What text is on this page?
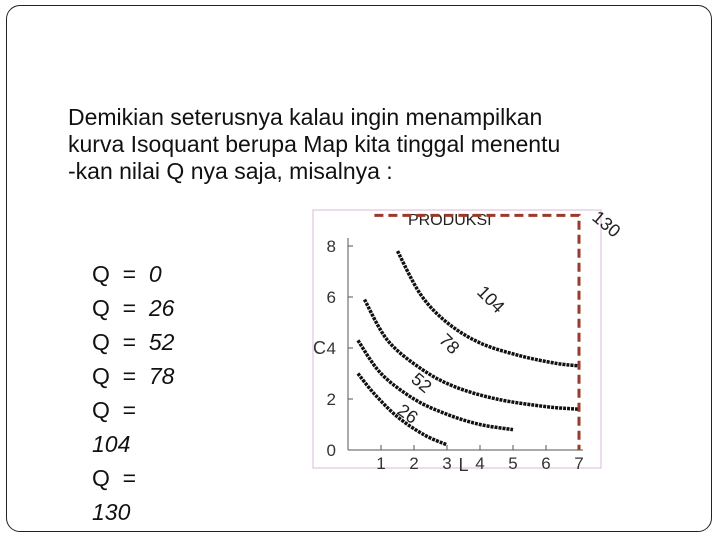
Demikian seterusnya kalau ingin menampilkan
kurva Isoquant berupa Map kita tinggal menentu
-kan nilai Q nya saja, misalnya :
Q = 0
Q = 26
Q = 52
Q = 78
Q =
104
Q =
130
PRODUKSI
0
2
4
6
8
1 2 3 4 5 6 7
L
C
26
52
78
104
130
